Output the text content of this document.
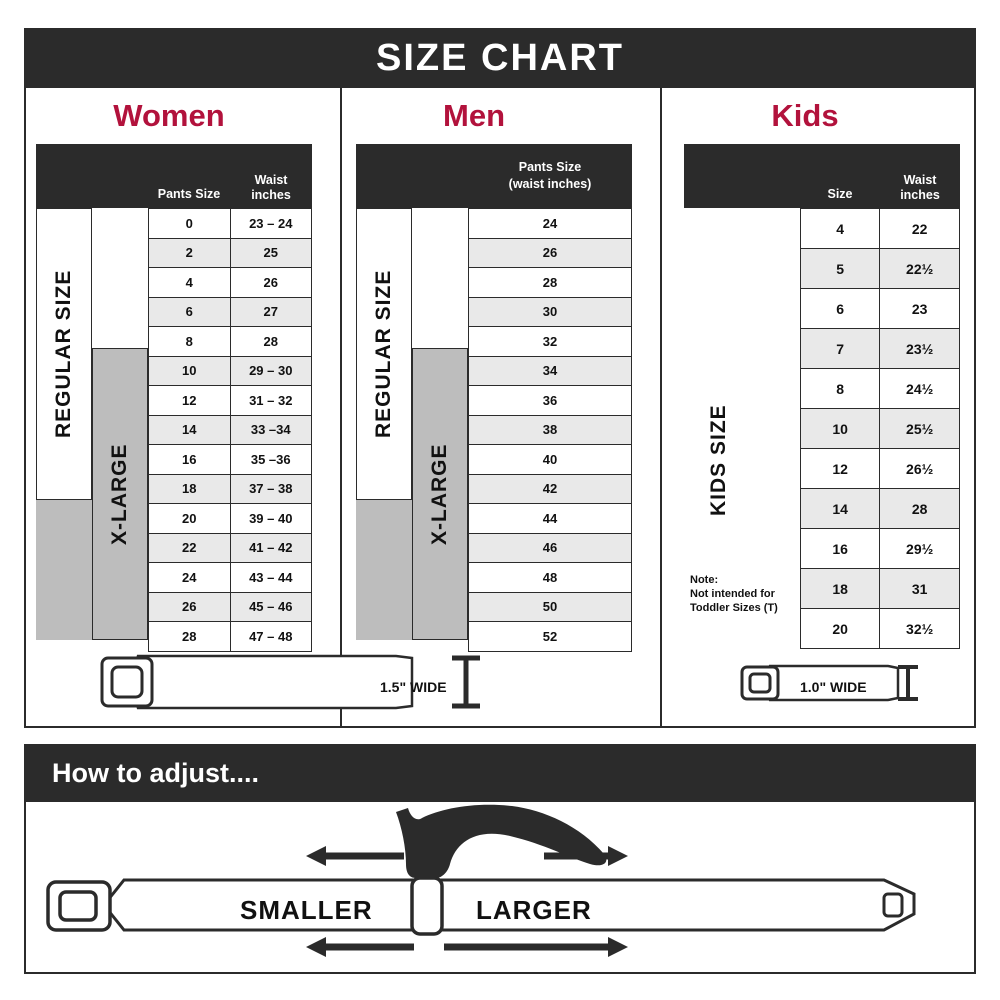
SIZE CHART
Women
REGULAR SIZE
X-LARGE

Pants Size
Waist
inches
0	23 – 24
2	25
4	26
6	27
8	28
10	29 – 30
12	31 – 32
14	33 –34
16	35 –36
18	37 – 38
20	39 – 40
22	41 – 42
24	43 – 44
26	45 – 46
28	47 – 48
Men
REGULAR SIZE
X-LARGE
Pants Size
(waist inches)
24
26
28
30
32
34
36
38
40
42
44
46
48
50
52
Kids
Size
Waist
inches
KIDS SIZE
Note:
Not intended for
Toddler Sizes (T)
4	22
5	22½
6	23
7	23½
8	24½
10	25½
12	26½
14	28
16	29½
18	31
20	32½
1.5" WIDE	1.0" WIDE
How to adjust....
SMALLER	LARGER
